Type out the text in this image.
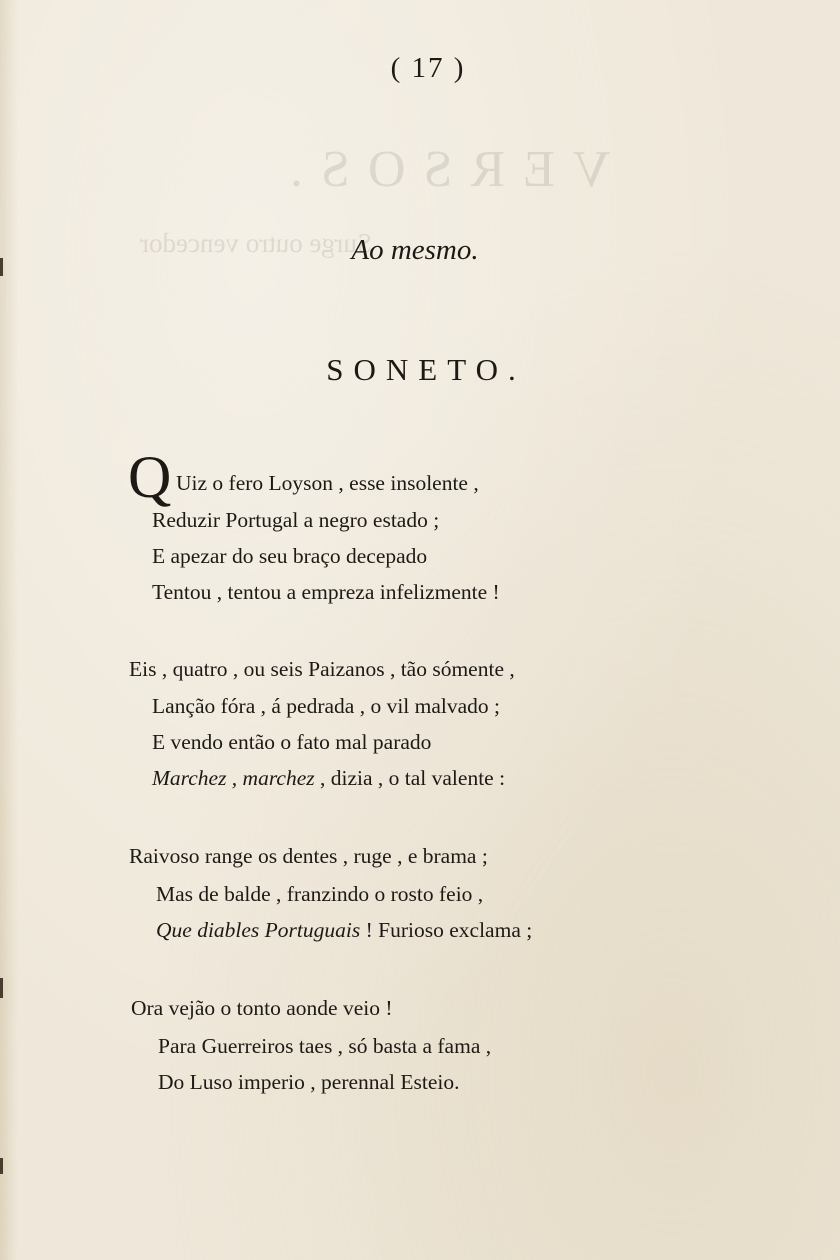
VERSOS.
Surge outro vencedor
( 17 )
Ao mesmo.
SONETO.
Q Uiz o fero Loyson , esse insolente ,
Reduzir Portugal a negro estado ;
E apezar do seu braço decepado
Tentou , tentou a empreza infelizmente !
Eis , quatro , ou seis Paizanos , tão sómente ,
Lanção fóra , á pedrada , o vil malvado ;
E vendo então o fato mal parado
Marchez , marchez , dizia , o tal valente :
Raivoso range os dentes , ruge , e brama ;
Mas de balde , franzindo o rosto feio ,
Que diables Portuguais ! Furioso exclama ;
Ora vejão o tonto aonde veio !
Para Guerreiros taes , só basta a fama ,
Do Luso imperio , perennal Esteio.
